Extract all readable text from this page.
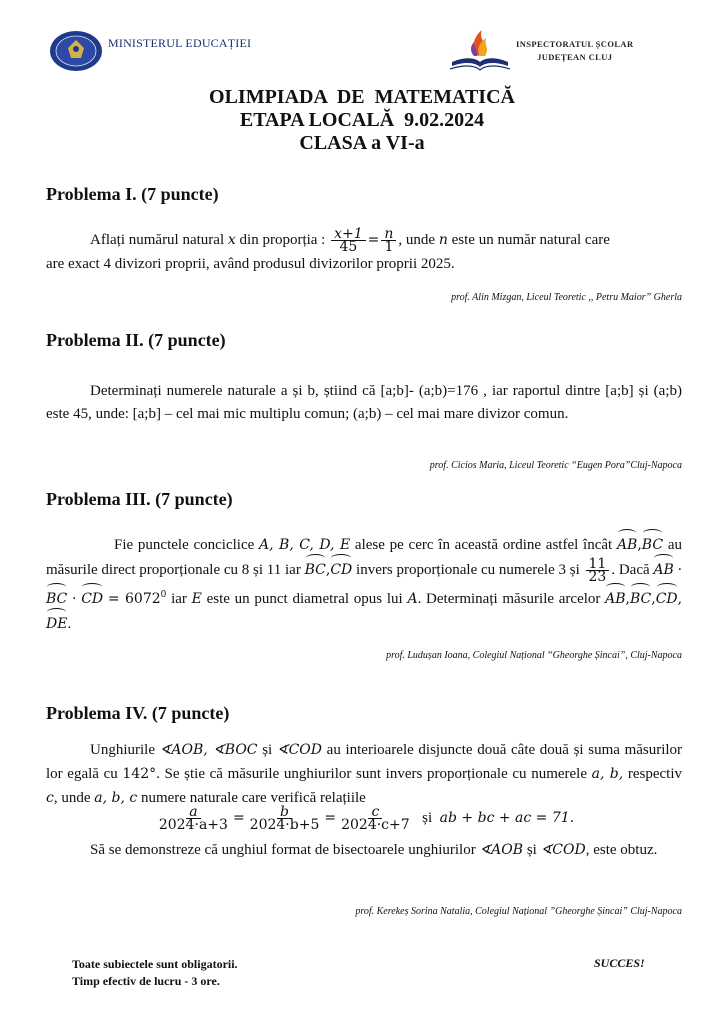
MINISTERUL EDUCAȚIEI	INSPECTORATUL ȘCOLAR
JUDEȚEAN CLUJ
OLIMPIADA  DE  MATEMATICĂ
ETAPA LOCALĂ  9.02.2024
CLASA a VI-a
Problema I. (7 puncte)
Aflați numărul natural x din proporția : $\frac{x+1}{45} = \frac{n}{1}$ , unde n este un număr natural care
are exact 4 divizori proprii, având produsul divizorilor proprii 2025.
prof. Alin Mizgan, Liceul Teoretic ,, Petru Maior” Gherla
Problema II. (7 puncte)
Determinați numerele naturale a și b, știind că [a;b]- (a;b)=176 , iar raportul dintre [a;b] și (a;b) este 45, unde: [a;b] – cel mai mic multiplu comun; (a;b) – cel mai mare divizor comun.
prof. Cicios Maria, Liceul Teoretic “Eugen Pora”Cluj-Napoca
Problema III. (7 puncte)
Fie punctele conciclice A, B, C, D, E alese pe cerc în această ordine astfel încât AB,BC au măsurile direct proporționale cu 8 și 11 iar BC,CD invers proporționale cu numerele 3 și $\frac{11}{23}$ . Dacă AB · BC · CD = $6072^0$ iar E este un punct diametral opus lui A. Determinați măsurile arcelor AB,BC,CD,DE.
prof. Ludușan Ioana, Colegiul Național “Gheorghe Șincai”, Cluj-Napoca
Problema IV. (7 puncte)
Unghiurile ∢AOB, ∢BOC și ∢COD au interioarele disjuncte două câte două și suma măsurilor lor egală cu 142°. Se știe că măsurile unghiurilor sunt invers proporționale cu numerele a, b, respectiv c, unde a, b, c numere naturale care verifică relațiile
$\frac{a}{2024\cdot a+3} = \frac{b}{2024\cdot b+5} = \frac{c}{2024\cdot c+7}$ și ab + bc + ac = 71.
Să se demonstreze că unghiul format de bisectoarele unghiurilor ∢AOB și ∢COD, este obtuz.
prof. Kerekeș Sorina Natalia, Colegiul Național ”Gheorghe Șincai” Cluj-Napoca
Toate subiectele sunt obligatorii.
Timp efectiv de lucru - 3 ore.
SUCCES!
